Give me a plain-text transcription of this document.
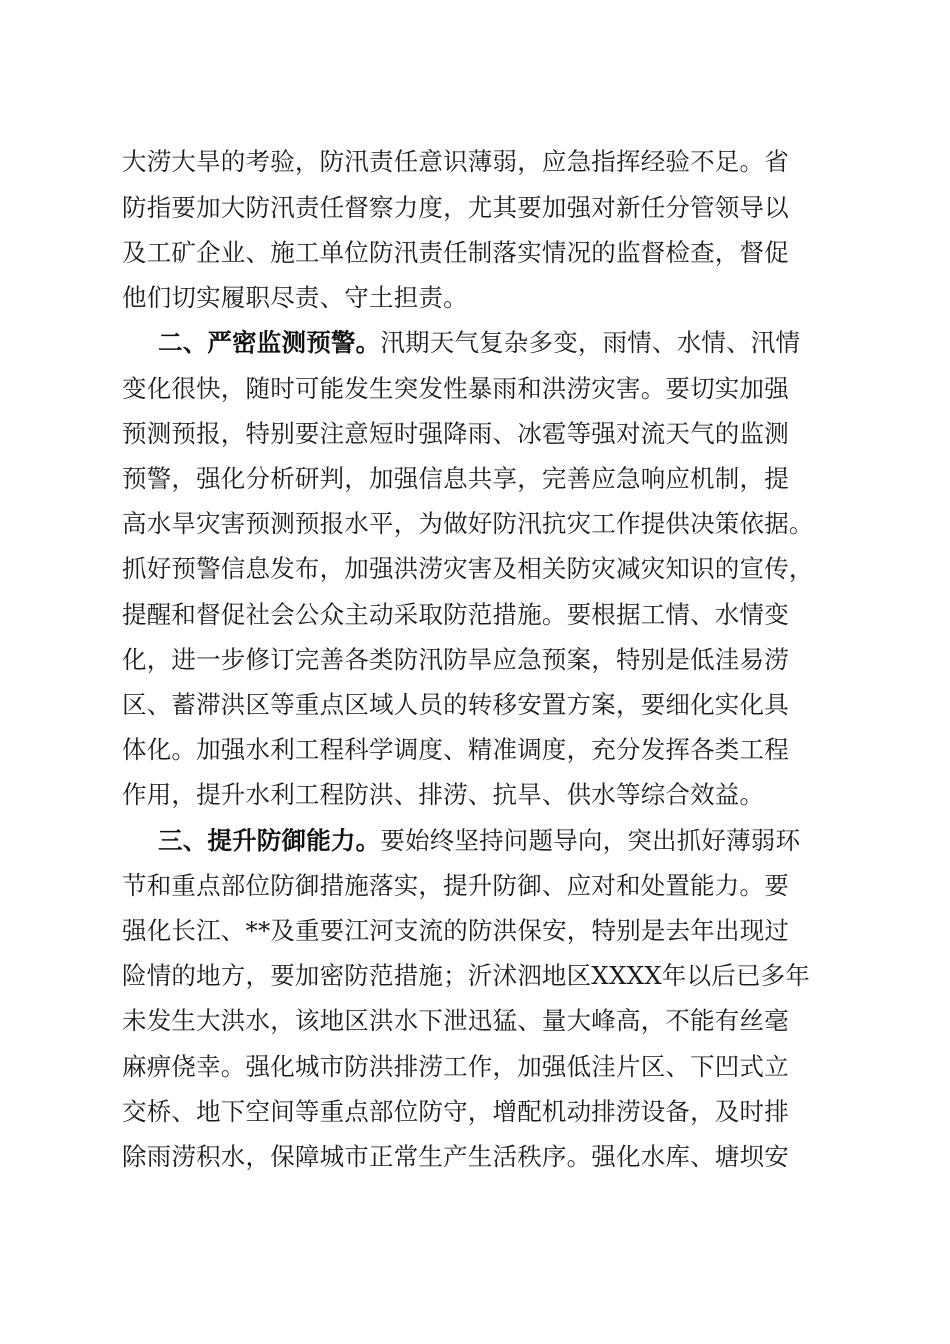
大涝大旱的考验，防汛责任意识薄弱，应急指挥经验不足。省
防指要加大防汛责任督察力度，尤其要加强对新任分管领导以
及工矿企业、施工单位防汛责任制落实情况的监督检查，督促
他们切实履职尽责、守土担责。
二、严密监测预警。汛期天气复杂多变，雨情、水情、汛情
变化很快，随时可能发生突发性暴雨和洪涝灾害。要切实加强
预测预报，特别要注意短时强降雨、冰雹等强对流天气的监测
预警，强化分析研判，加强信息共享，完善应急响应机制，提
高水旱灾害预测预报水平，为做好防汛抗灾工作提供决策依据。
抓好预警信息发布，加强洪涝灾害及相关防灾减灾知识的宣传，
提醒和督促社会公众主动采取防范措施。要根据工情、水情变
化，进一步修订完善各类防汛防旱应急预案，特别是低洼易涝
区、蓄滞洪区等重点区域人员的转移安置方案，要细化实化具
体化。加强水利工程科学调度、精准调度，充分发挥各类工程
作用，提升水利工程防洪、排涝、抗旱、供水等综合效益。
三、提升防御能力。要始终坚持问题导向，突出抓好薄弱环
节和重点部位防御措施落实，提升防御、应对和处置能力。要
强化长江、**及重要江河支流的防洪保安，特别是去年出现过
险情的地方，要加密防范措施；沂沭泗地区XXXX年以后已多年
未发生大洪水，该地区洪水下泄迅猛、量大峰高，不能有丝毫
麻痹侥幸。强化城市防洪排涝工作，加强低洼片区、下凹式立
交桥、地下空间等重点部位防守，增配机动排涝设备，及时排
除雨涝积水，保障城市正常生产生活秩序。强化水库、塘坝安
